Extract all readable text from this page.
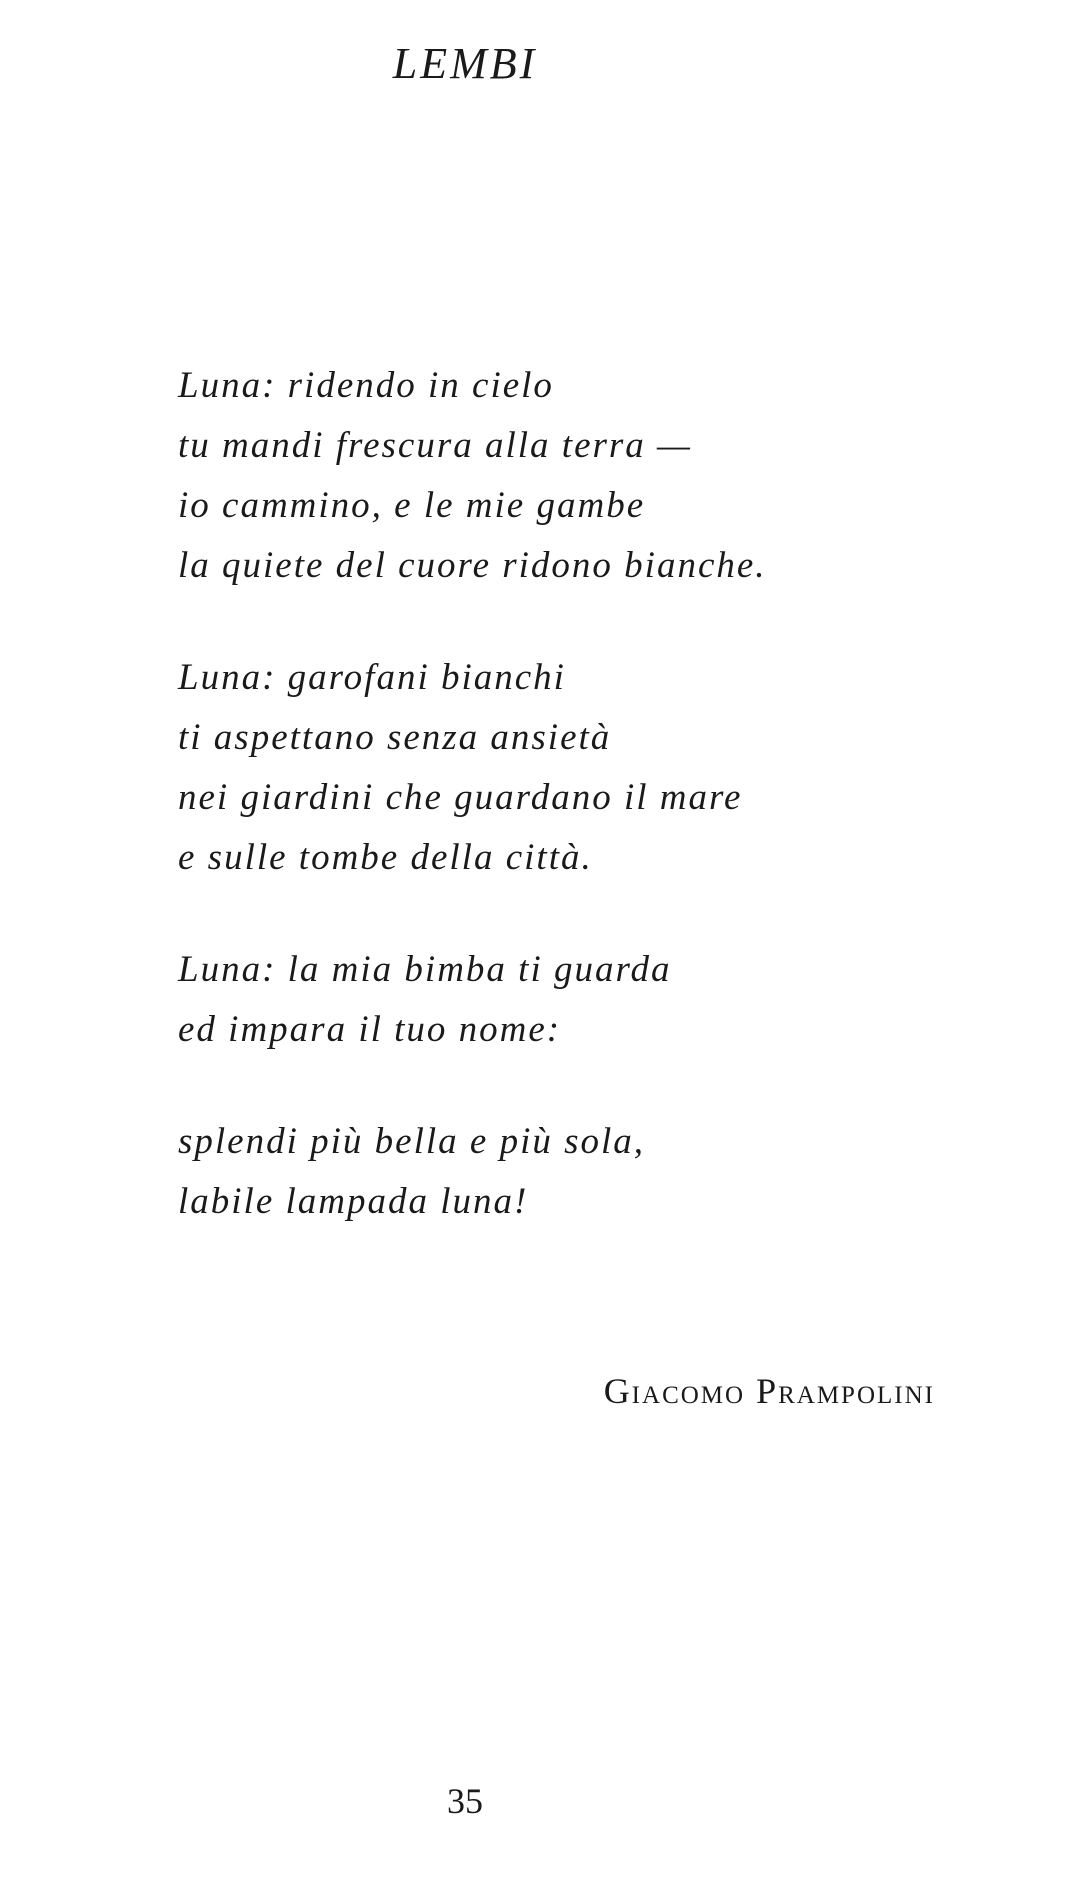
LEMBI
Luna: ridendo in cielo
tu mandi frescura alla terra —
io cammino, e le mie gambe
la quiete del cuore ridono bianche.
Luna: garofani bianchi
ti aspettano senza ansietà
nei giardini che guardano il mare
e sulle tombe della città.
Luna: la mia bimba ti guarda
ed impara il tuo nome:
splendi più bella e più sola,
labile lampada luna!
Giacomo Prampolini
35
